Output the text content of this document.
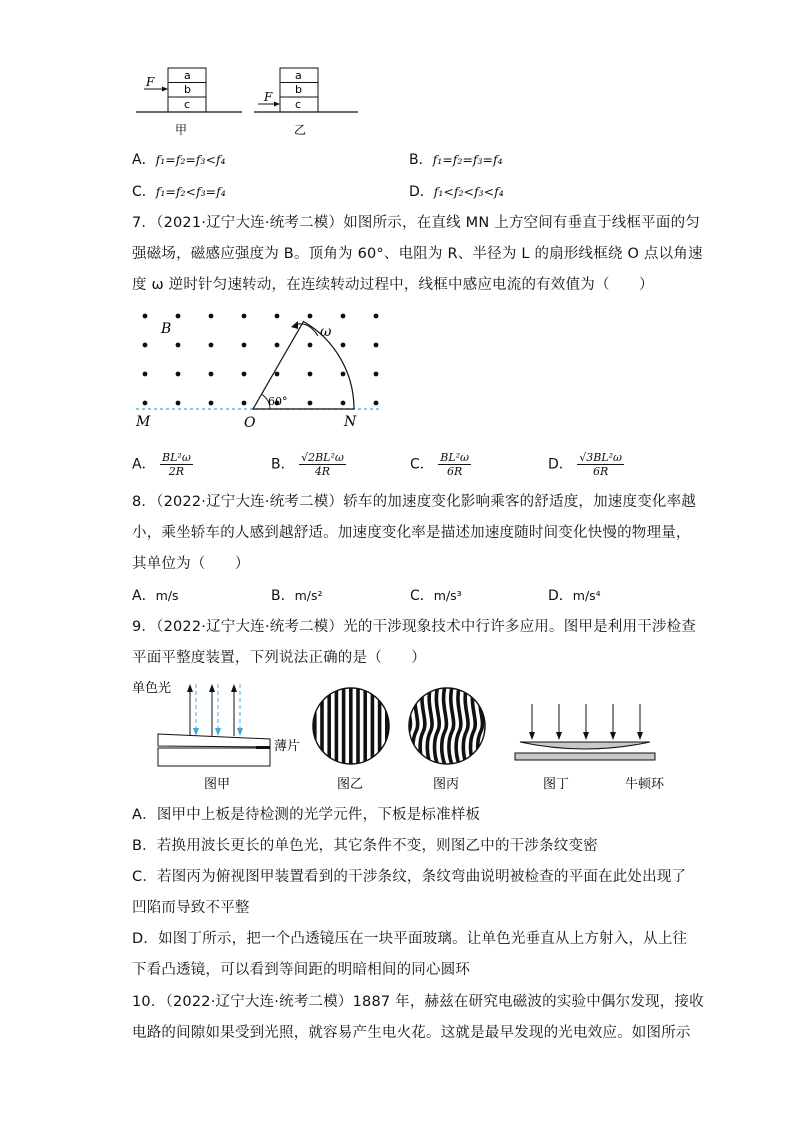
a
b
c
F
甲
a
b
c
F
乙
A．f₁=f₂=f₃<f₄	B．f₁=f₂=f₃=f₄
C．f₁=f₂<f₃=f₄	D．f₁<f₂<f₃<f₄
7．（2021·辽宁大连·统考二模）如图所示，在直线 MN 上方空间有垂直于线框平面的匀
强磁场，磁感应强度为 B。顶角为 60°、电阻为 R、半径为 L 的扇形线框绕 O 点以角速
度 ω 逆时针匀速转动，在连续转动过程中，线框中感应电流的有效值为（　　）
B	ω
60°
M	O	N
A． $\frac{\text{BL²ω}}{2R}$	B． $\frac{\text{√2BL²ω}}{4R}$	C． $\frac{\text{BL²ω}}{6R}$	D． $\frac{\text{√3BL²ω}}{6R}$
8．（2022·辽宁大连·统考二模）轿车的加速度变化影响乘客的舒适度，加速度变化率越
小，乘坐轿车的人感到越舒适。加速度变化率是描述加速度随时间变化快慢的物理量，
其单位为（　　）
A．m/s	B．m/s²	C．m/s³	D．m/s⁴
9．（2022·辽宁大连·统考二模）光的干涉现象技术中行许多应用。图甲是利用干涉检查
平面平整度装置，下列说法正确的是（　　）
单色光
薄片
图甲	图乙	图丙	图丁	牛顿环
A．图甲中上板是待检测的光学元件，下板是标准样板
B．若换用波长更长的单色光，其它条件不变，则图乙中的干涉条纹变密
C．若图丙为俯视图甲装置看到的干涉条纹，条纹弯曲说明被检查的平面在此处出现了
凹陷而导致不平整
D．如图丁所示，把一个凸透镜压在一块平面玻璃。让单色光垂直从上方射入，从上往
下看凸透镜，可以看到等间距的明暗相间的同心圆环
10．（2022·辽宁大连·统考二模）1887 年，赫兹在研究电磁波的实验中偶尔发现，接收
电路的间隙如果受到光照，就容易产生电火花。这就是最早发现的光电效应。如图所示
